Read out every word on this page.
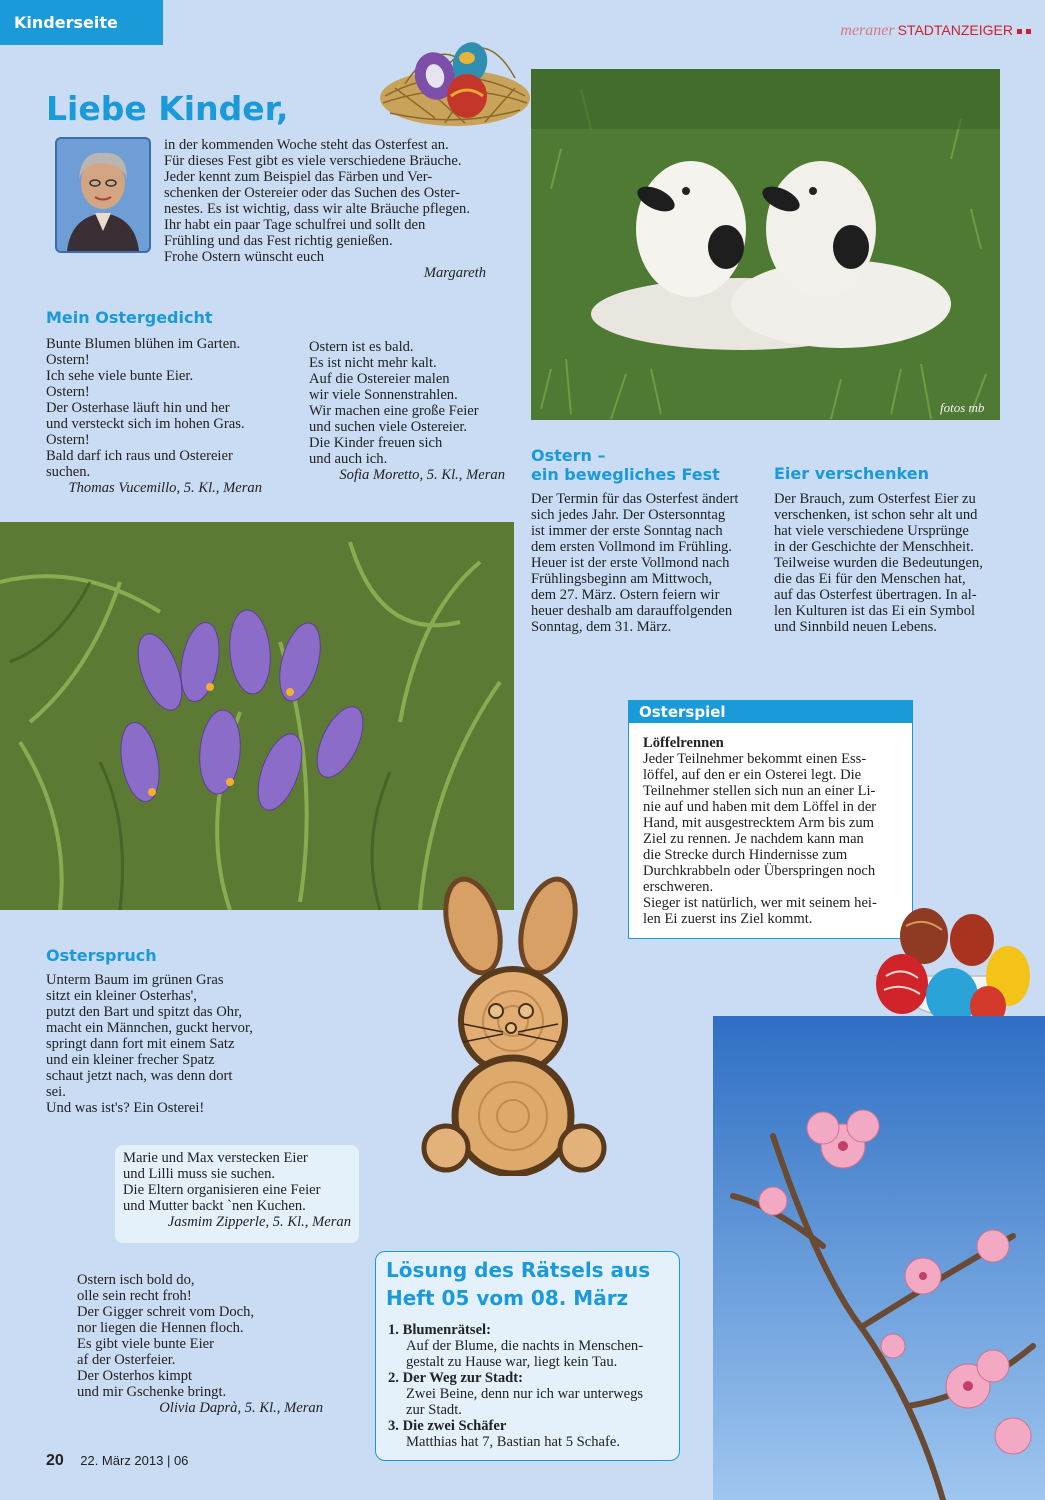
Kinderseite	meraner STADTANZEIGER
Liebe Kinder,
in der kommenden Woche steht das Osterfest an.
Für dieses Fest gibt es viele verschiedene Bräuche.
Jeder kennt zum Beispiel das Färben und Ver-
schenken der Ostereier oder das Suchen des Oster-
nestes. Es ist wichtig, dass wir alte Bräuche pflegen.
Ihr habt ein paar Tage schulfrei und sollt den
Frühling und das Fest richtig genießen.
Frohe Ostern wünscht euch
Margareth
fotos mb
Mein Ostergedicht
Bunte Blumen blühen im Garten.
Ostern!
Ich sehe viele bunte Eier.
Ostern!
Der Osterhase läuft hin und her
und versteckt sich im hohen Gras.
Ostern!
Bald darf ich raus und Ostereier
suchen.
Thomas Vucemillo, 5. Kl., Meran
Ostern ist es bald.
Es ist nicht mehr kalt.
Auf die Ostereier malen
wir viele Sonnenstrahlen.
Wir machen eine große Feier
und suchen viele Ostereier.
Die Kinder freuen sich
und auch ich.
Sofia Moretto, 5. Kl., Meran
Ostern –
ein bewegliches Fest
Der Termin für das Osterfest ändert
sich jedes Jahr. Der Ostersonntag
ist immer der erste Sonntag nach
dem ersten Vollmond im Frühling.
Heuer ist der erste Vollmond nach
Frühlingsbeginn am Mittwoch,
dem 27. März. Ostern feiern wir
heuer deshalb am darauffolgenden
Sonntag, dem 31. März.
Eier verschenken
Der Brauch, zum Osterfest Eier zu
verschenken, ist schon sehr alt und
hat viele verschiedene Ursprünge
in der Geschichte der Menschheit.
Teilweise wurden die Bedeutungen,
die das Ei für den Menschen hat,
auf das Osterfest übertragen. In al-
len Kulturen ist das Ei ein Symbol
und Sinnbild neuen Lebens.
Osterspiel
Löffelrennen
Jeder Teilnehmer bekommt einen Ess-
löffel, auf den er ein Osterei legt. Die
Teilnehmer stellen sich nun an einer Li-
nie auf und haben mit dem Löffel in der
Hand, mit ausgestrecktem Arm bis zum
Ziel zu rennen. Je nachdem kann man
die Strecke durch Hindernisse zum
Durchkrabbeln oder Überspringen noch
erschweren.
Sieger ist natürlich, wer mit seinem hei-
len Ei zuerst ins Ziel kommt.
Osterspruch
Unterm Baum im grünen Gras
sitzt ein kleiner Osterhas',
putzt den Bart und spitzt das Ohr,
macht ein Männchen, guckt hervor,
springt dann fort mit einem Satz
und ein kleiner frecher Spatz
schaut jetzt nach, was denn dort
sei.
Und was ist's? Ein Osterei!
Marie und Max verstecken Eier
und Lilli muss sie suchen.
Die Eltern organisieren eine Feier
und Mutter backt `nen Kuchen.
Jasmim Zipperle, 5. Kl., Meran
Ostern isch bold do,
olle sein recht froh!
Der Gigger schreit vom Doch,
nor liegen die Hennen floch.
Es gibt viele bunte Eier
af der Osterfeier.
Der Osterhos kimpt
und mir Gschenke bringt.
Olivia Daprà, 5. Kl., Meran
Lösung des Rätsels aus
Heft 05 vom 08. März
1. Blumenrätsel:
Auf der Blume, die nachts in Menschen-
gestalt zu Hause war, liegt kein Tau.
2. Der Weg zur Stadt:
Zwei Beine, denn nur ich war unterwegs
zur Stadt.
3. Die zwei Schäfer
Matthias hat 7, Bastian hat 5 Schafe.
20 22. März 2013 | 06
